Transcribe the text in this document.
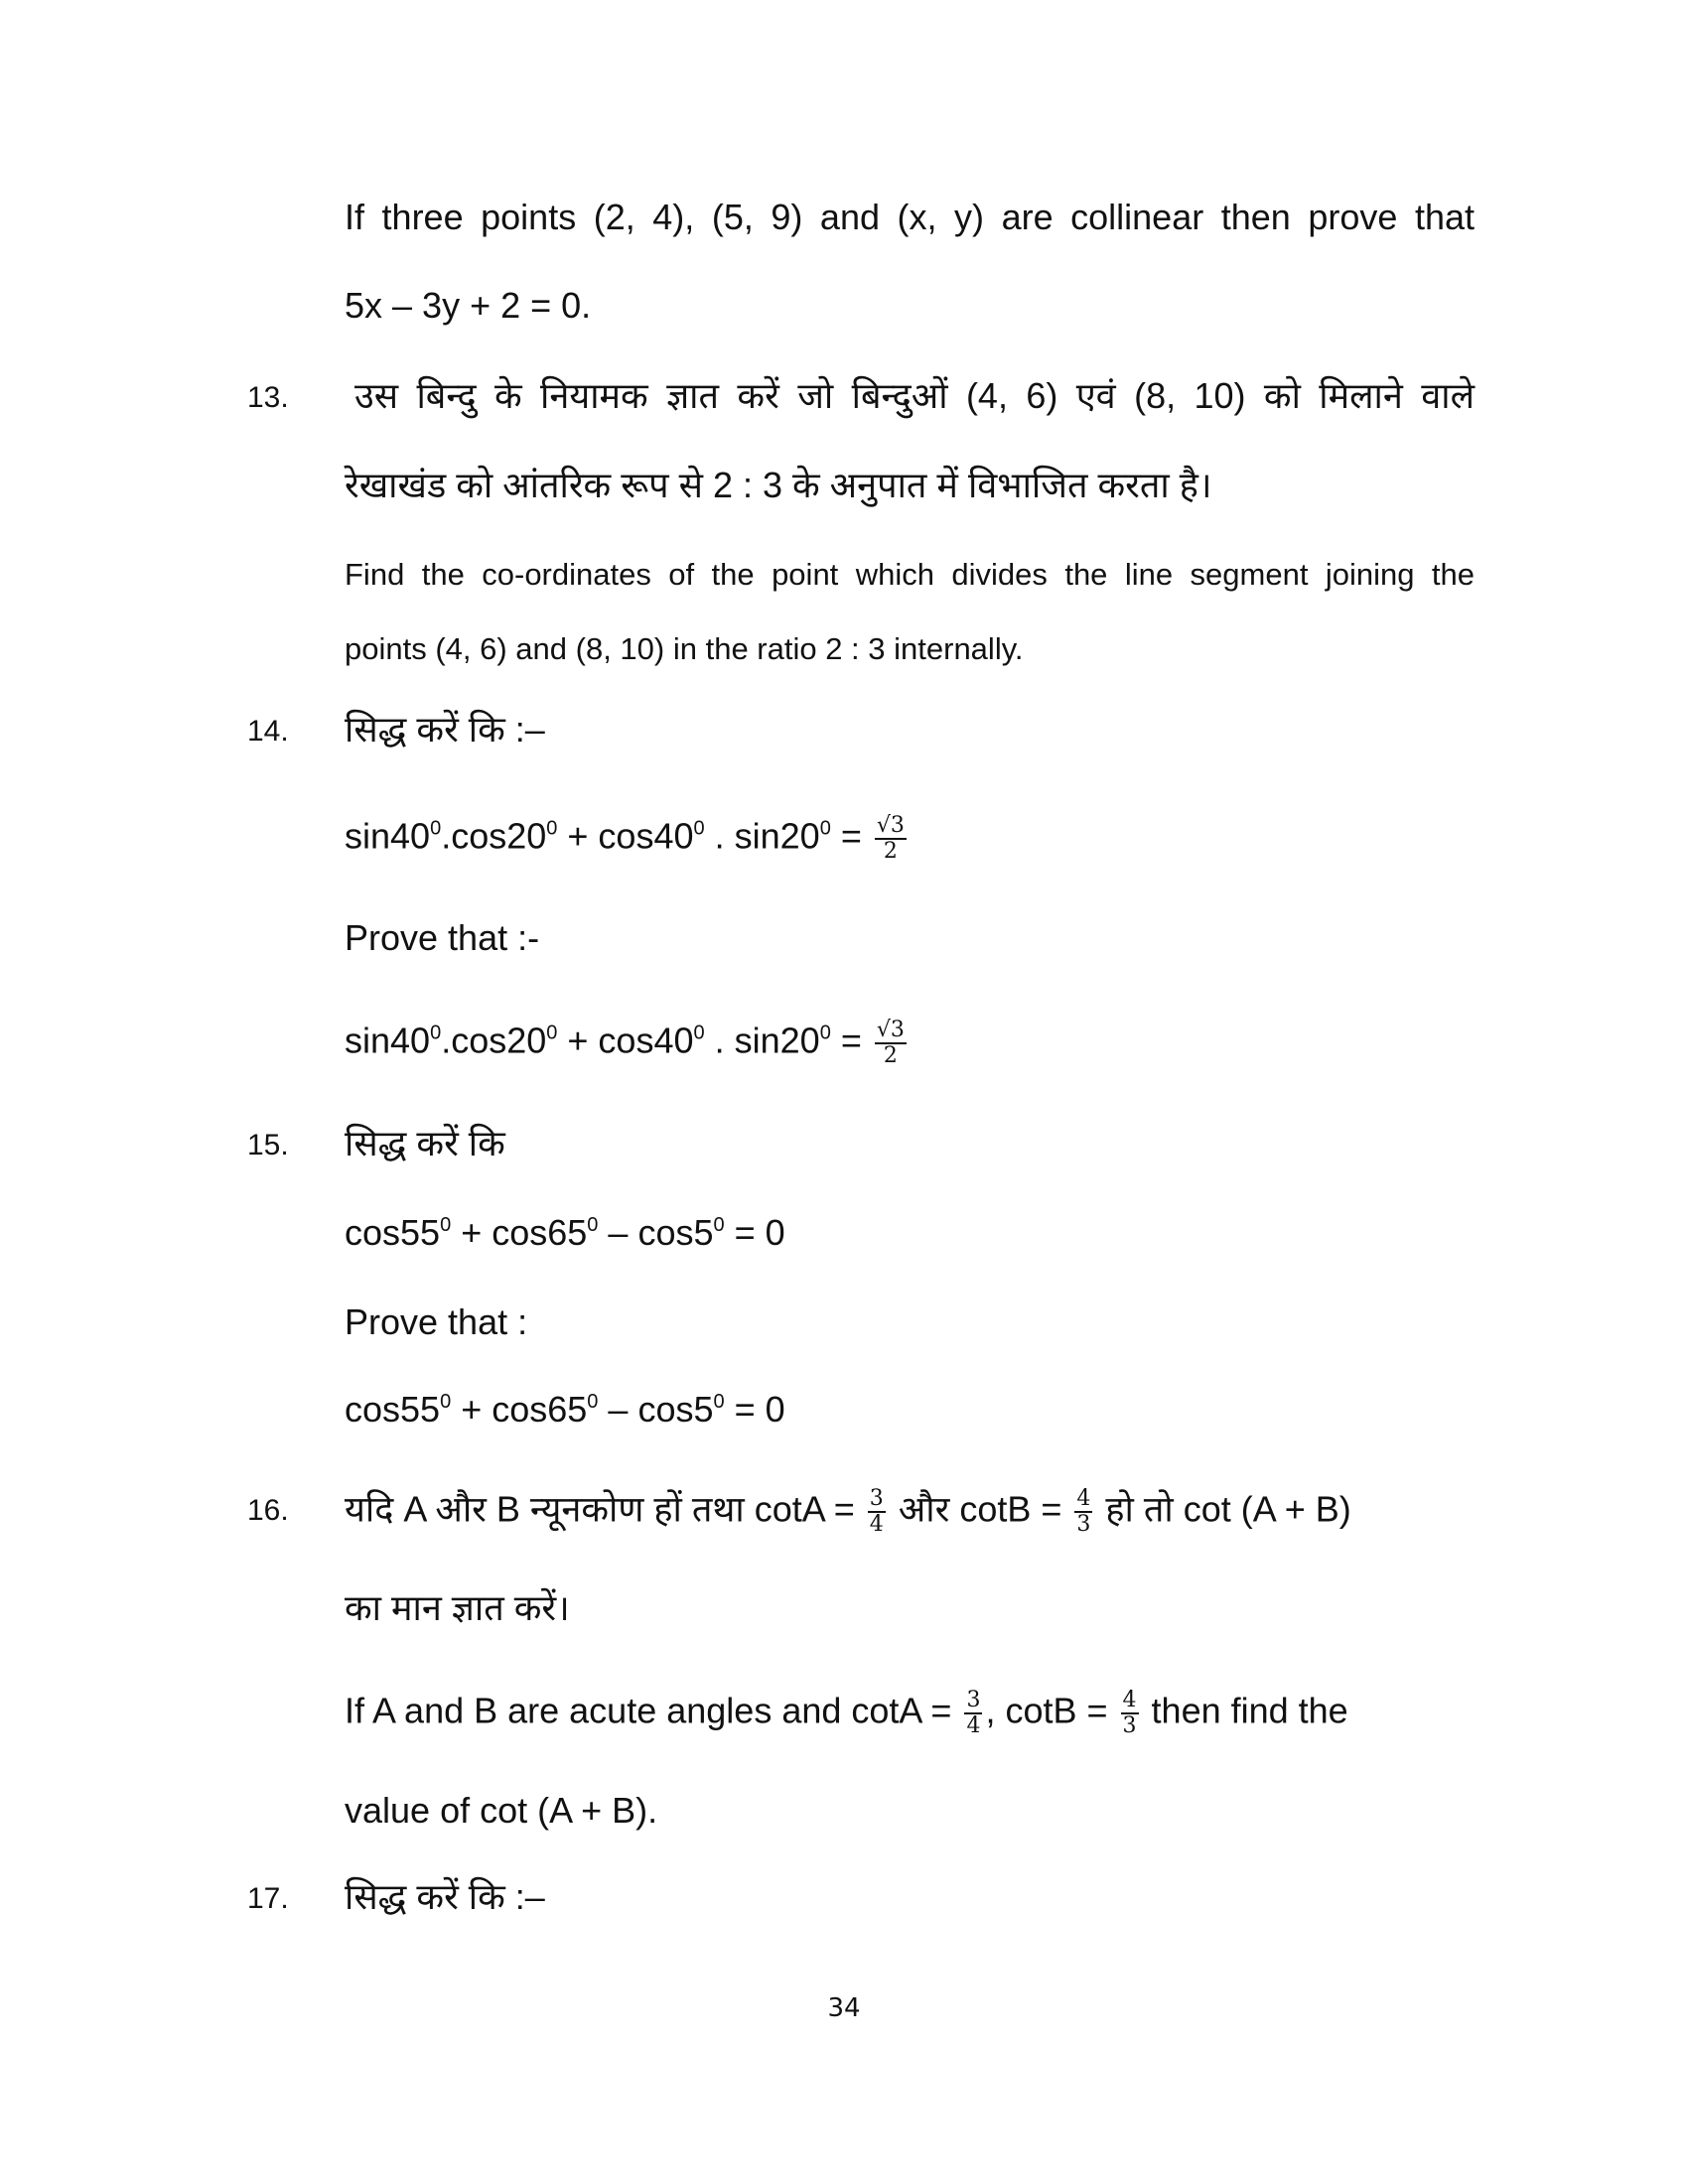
If three points (2, 4), (5, 9) and (x, y) are collinear then prove that
5x – 3y + 2 = 0.
13. उस बिन्दु के नियामक ज्ञात करें जो बिन्दुओं (4, 6) एवं (8, 10) को मिलाने वाले
रेखाखंड को आंतरिक रूप से 2 : 3 के अनुपात में विभाजित करता है।
Find the co-ordinates of the point which divides the line segment joining the
points (4, 6) and (8, 10) in the ratio 2 : 3 internally.
14. सिद्ध करें कि :–
$\sin 40^0.\cos 20^0 + \cos 40^0$ . $\sin 20^0 = \frac{√3}{2}$
Prove that :-
$\sin 40^0.\cos 20^0 + \cos 40^0$ . $\sin 20^0 = \frac{√3}{2}$
15. सिद्ध करें कि
$\cos 55^0 + \cos 65^0 - \cos 5^0 = 0$
Prove that :
$\cos 55^0 + \cos 65^0 - \cos 5^0 = 0$
16. यदि A और B न्यूनकोण हों तथा $\cot A = \frac{3}{4}$ और $\cot B = \frac{4}{3}$ हो तो cot (A + B)
का मान ज्ञात करें।
If A and B are acute angles and $\cot A = \frac{3}{4}$ , $\cot B = \frac{4}{3}$ then find the
value of cot (A + B).
17. सिद्ध करें कि :–
34
